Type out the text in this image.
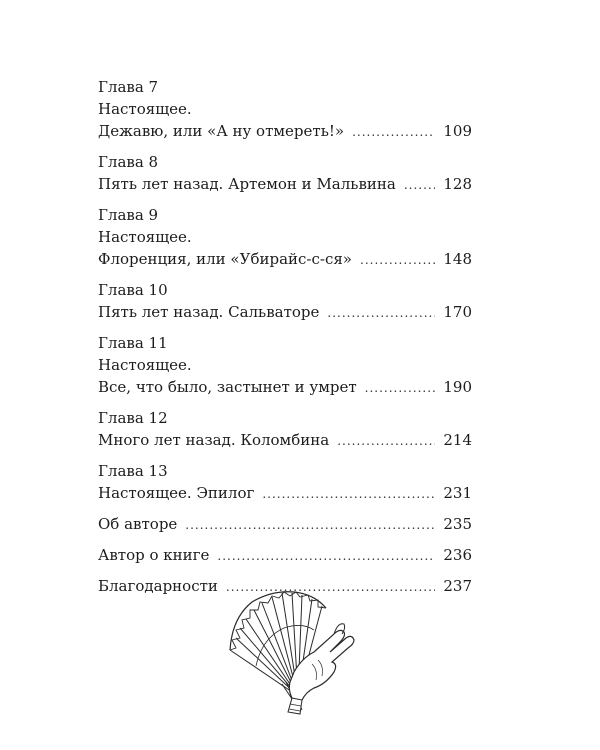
Глава 7
Настоящее.
Дежавю, или «А ну отмереть!» .....	109
Глава 8
Пять лет назад. Артемон и Мальвина .....	128
Глава 9
Настоящее.
Флоренция, или «Убирайс-с-ся» .....	148
Глава 10
Пять лет назад. Сальваторе .....	170
Глава 11
Настоящее.
Все, что было, застынет и умрет .....	190
Глава 12
Много лет назад. Коломбина .....	214
Глава 13
Настоящее. Эпилог .....	231
Об авторе .....	235
Автор о книге .....	236
Благодарности .....	237
